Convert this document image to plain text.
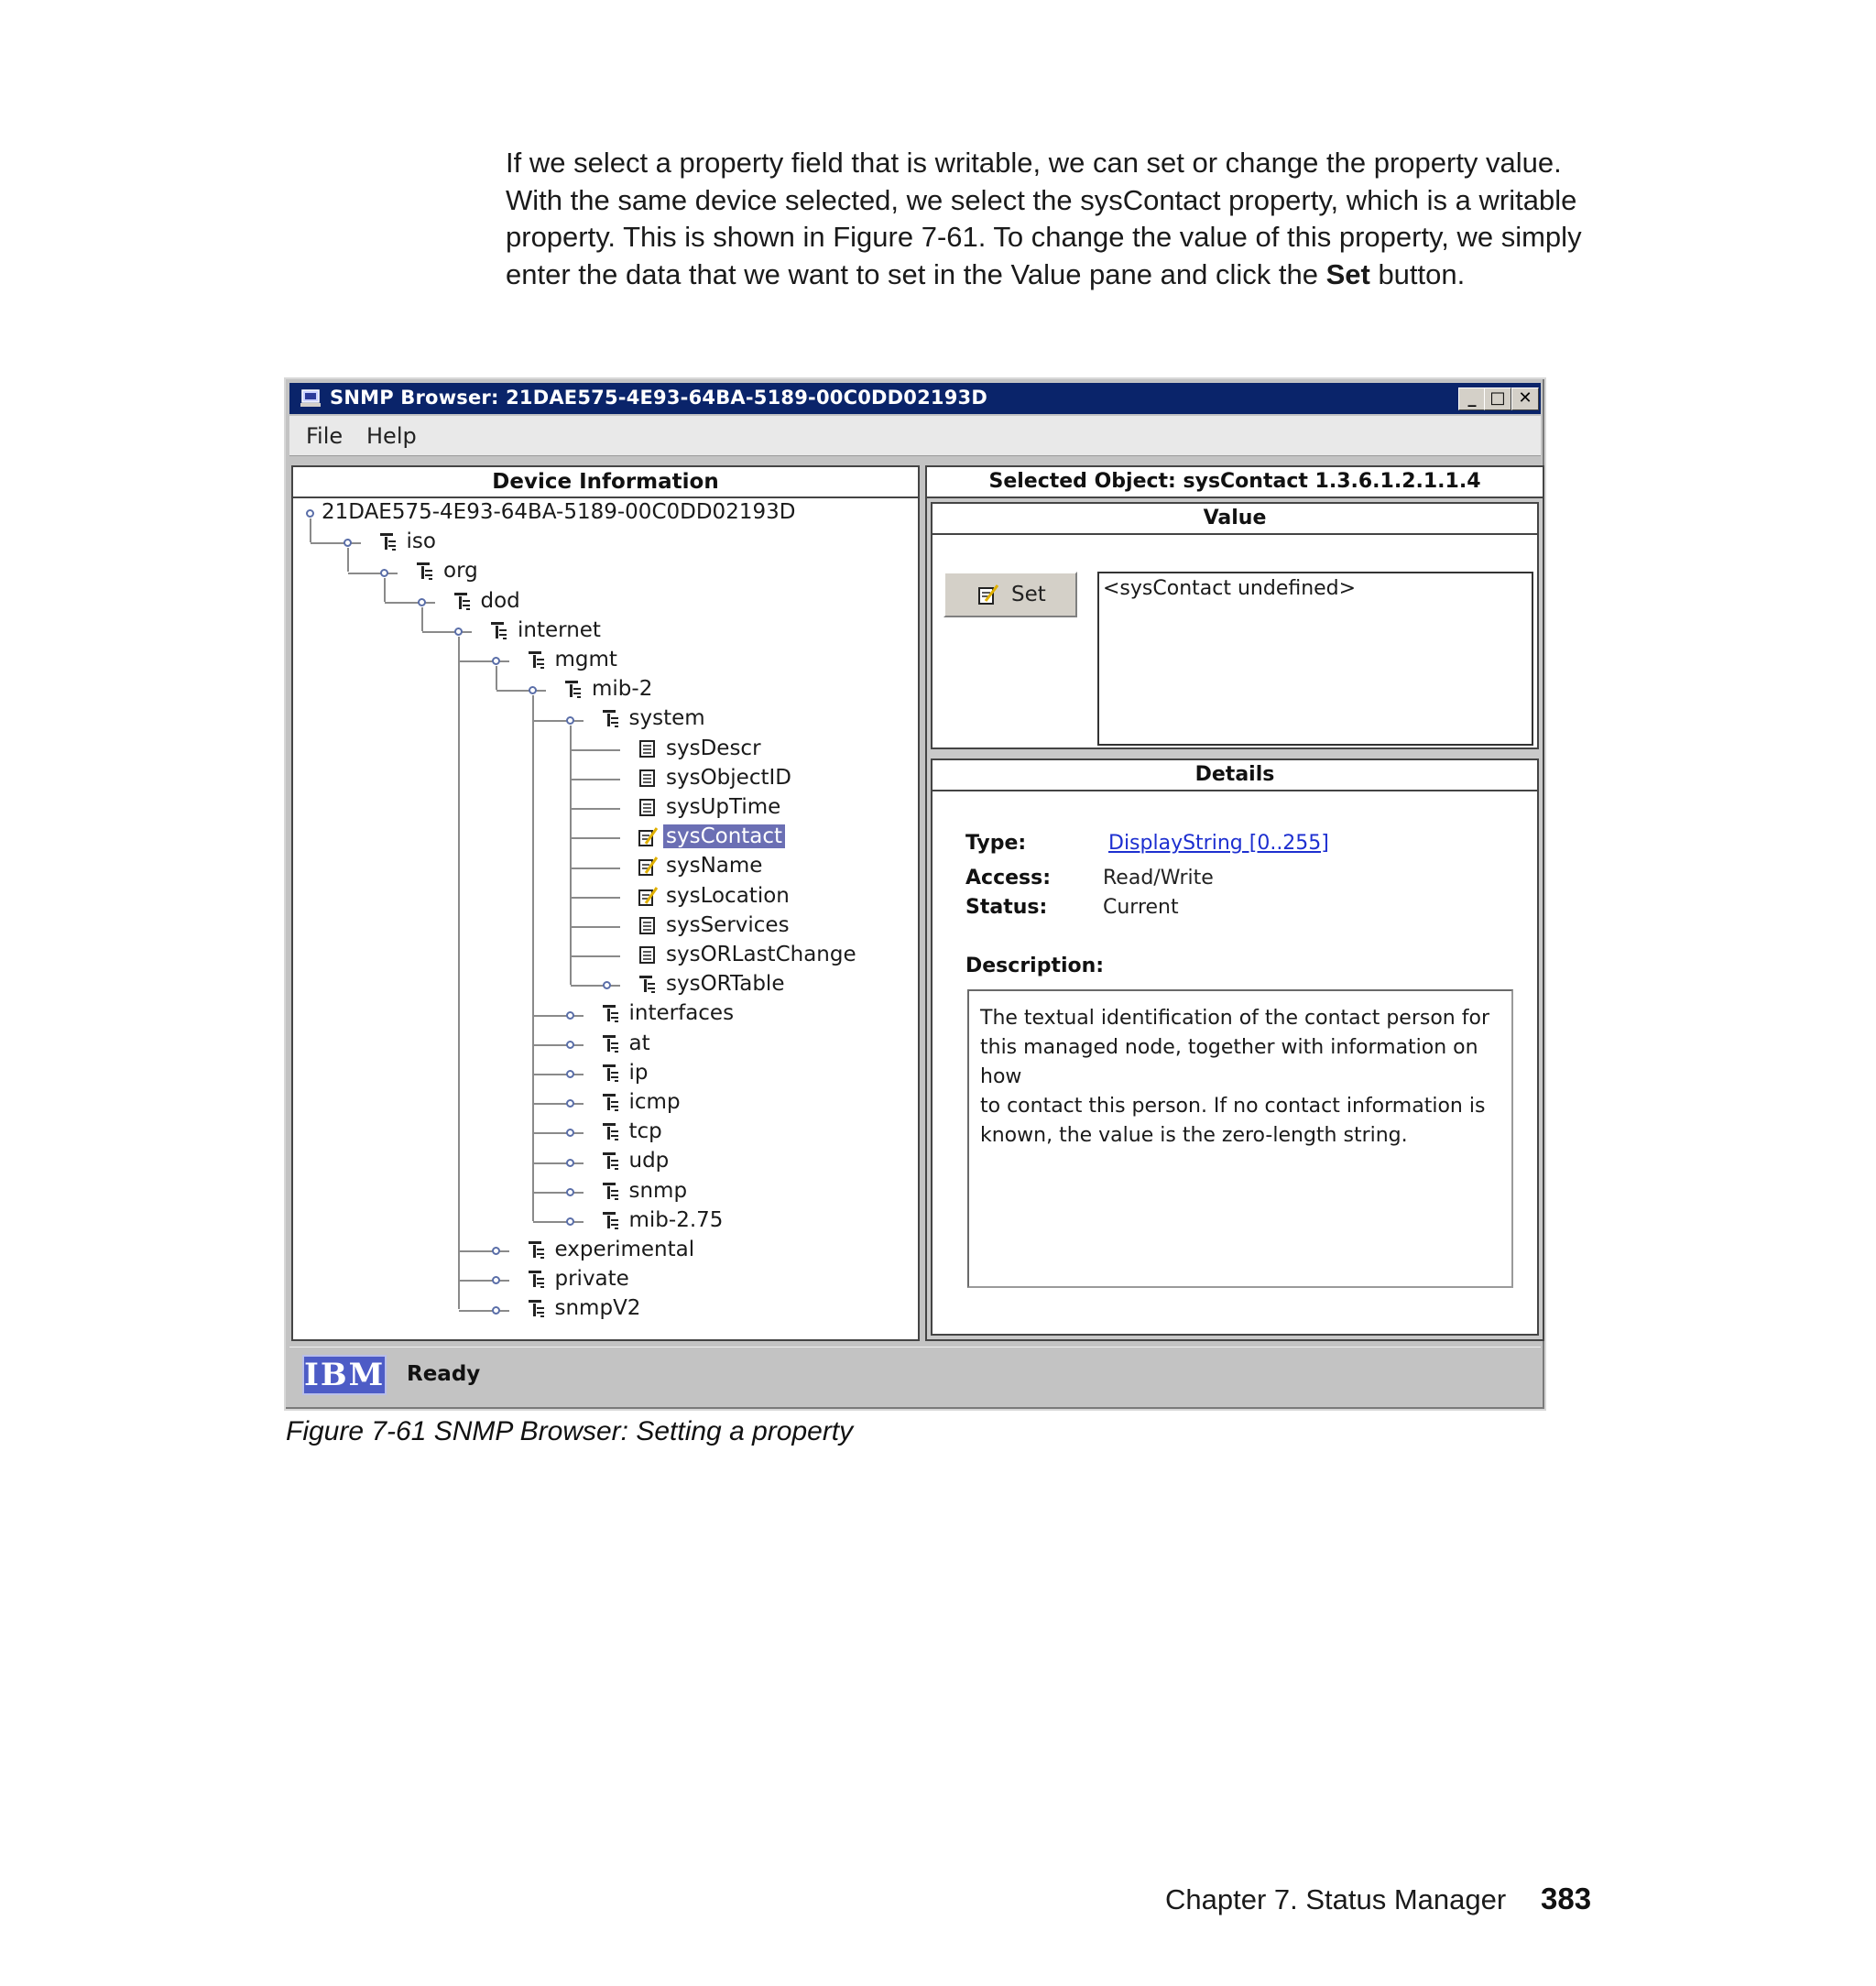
If we select a property field that is writable, we can set or change the property value. With the same device selected, we select the sysContact property, which is a writable property. This is shown in Figure 7-61. To change the value of this property, we simply enter the data that we want to set in the Value pane and click the Set button.
SNMP Browser: 21DAE575-4E93-64BA-5189-00C0DD02193D	_ □ ✕
File Help
Device Information
21DAE575-4E93-64BA-5189-00C0DD02193D
iso
org
dod
internet
mgmt
mib-2
system
sysDescr
sysObjectID
sysUpTime
sysContact
sysName
sysLocation
sysServices
sysORLastChange
sysORTable
interfaces
at
ip
icmp
tcp
udp
snmp
mib-2.75
experimental
private
snmpV2
Selected Object: sysContact 1.3.6.1.2.1.1.4
Value
Set	<sysContact undefined>
Details
Type:	DisplayString [0..255]
Access:	Read/Write
Status:	Current
Description:
The textual identification of the contact person for
this managed node, together with information on
how
to contact this person. If no contact information is
known, the value is the zero-length string.
IBM Ready
Figure 7-61 SNMP Browser: Setting a property
Chapter 7. Status Manager 383
